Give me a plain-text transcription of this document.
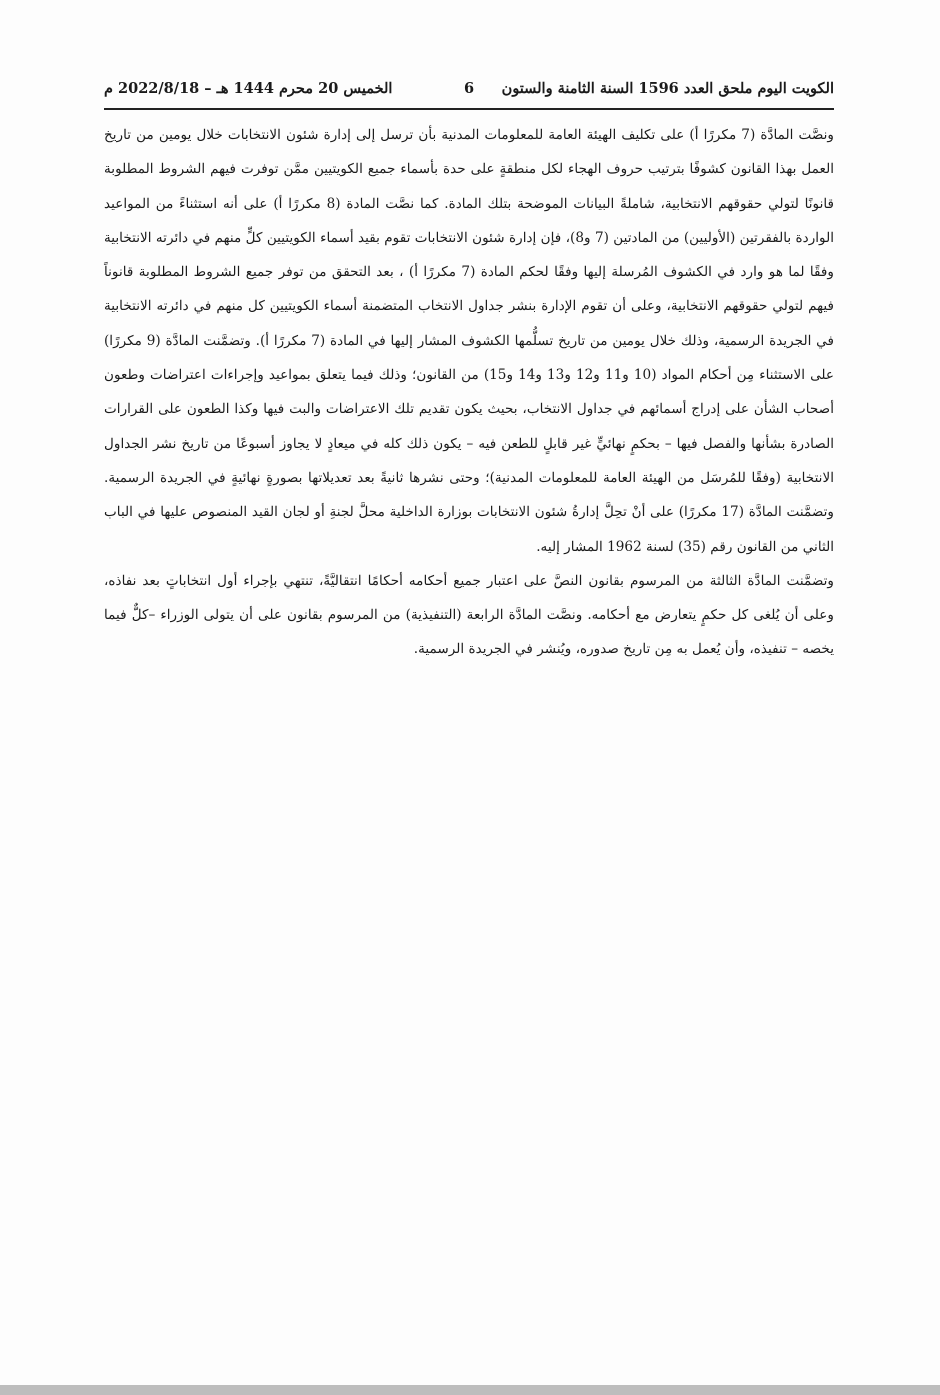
الكويت اليوم ملحق العدد 1596 السنة الثامنة والستون
6
الخميس 20 محرم 1444 هـ – 2022/8/18 م

ونصَّت المادَّة (7 مكررًا أ) على تكليف الهيئة العامة للمعلومات المدنية بأن ترسل إلى إدارة شئون الانتخابات خلال يومين من تاريخ العمل بهذا القانون كشوفًا بترتيب حروف الهجاء لكل منطقةٍ على حدة بأسماء جميع الكويتيين ممَّن توفرت فيهم الشروط المطلوبة قانونًا لتولي حقوقهم الانتخابية، شاملةً البيانات الموضحة بتلك المادة. كما نصَّت المادة (8 مكررًا أ) على أنه استثناءً من المواعيد الواردة بالفقرتين (الأوليين) من المادتين (7 و8)، فإن إدارة شئون الانتخابات تقوم بقيد أسماء الكويتيين كلٍّ منهم في دائرته الانتخابية وفقًا لما هو وارد في الكشوف المُرسلة إليها وفقًا لحكم المادة (7 مكررًا أ) ، بعد التحقق من توفر جميع الشروط المطلوبة قانوناً فيهم لتولي حقوقهم الانتخابية، وعلى أن تقوم الإدارة بنشر جداول الانتخاب المتضمنة أسماء الكويتيين كل منهم في دائرته الانتخابية في الجريدة الرسمية، وذلك خلال يومين من تاريخ تسلُّمها الكشوف المشار إليها في المادة (7 مكررًا أ). وتضمَّنت المادَّة (9 مكررًا) على الاستثناء مِن أحكام المواد (10 و11 و12 و13 و14 و15) من القانون؛ وذلك فيما يتعلق بمواعيد وإجراءات اعتراضات وطعون أصحاب الشأن على إدراج أسمائهم في جداول الانتخاب، بحيث يكون تقديم تلك الاعتراضات والبت فيها وكذا الطعون على القرارات الصادرة بشأنها والفصل فيها – بحكمٍ نهائيٍّ غير قابلٍ للطعن فيه – يكون ذلك كله في ميعادٍ لا يجاوز أسبوعًا من تاريخ نشر الجداول الانتخابية (وفقًا للمُرسَل من الهيئة العامة للمعلومات المدنية)؛ وحتى نشرها ثانيةً بعد تعديلاتها بصورةٍ نهائيةٍ في الجريدة الرسمية. وتضمَّنت المادَّة (17 مكررًا) على أنْ تحِلَّ إدارةُ شئون الانتخابات بوزارة الداخلية محلَّ لجنةِ أو لجان القيد المنصوص عليها في الباب الثاني من القانون رقم (35) لسنة 1962 المشار إليه.

وتضمَّنت المادَّة الثالثة من المرسوم بقانون النصَّ على اعتبار جميع أحكامه أحكامًا انتقاليَّةً، تنتهي بإجراء أول انتخاباتٍ بعد نفاذه، وعلى أن يُلغى كل حكمٍ يتعارض مع أحكامه. ونصَّت المادَّة الرابعة (التنفيذية) من المرسوم بقانون على أن يتولى الوزراء –كلٌّ فيما يخصه – تنفيذه، وأن يُعمل به مِن تاريخ صدوره، ويُنشر في الجريدة الرسمية.
